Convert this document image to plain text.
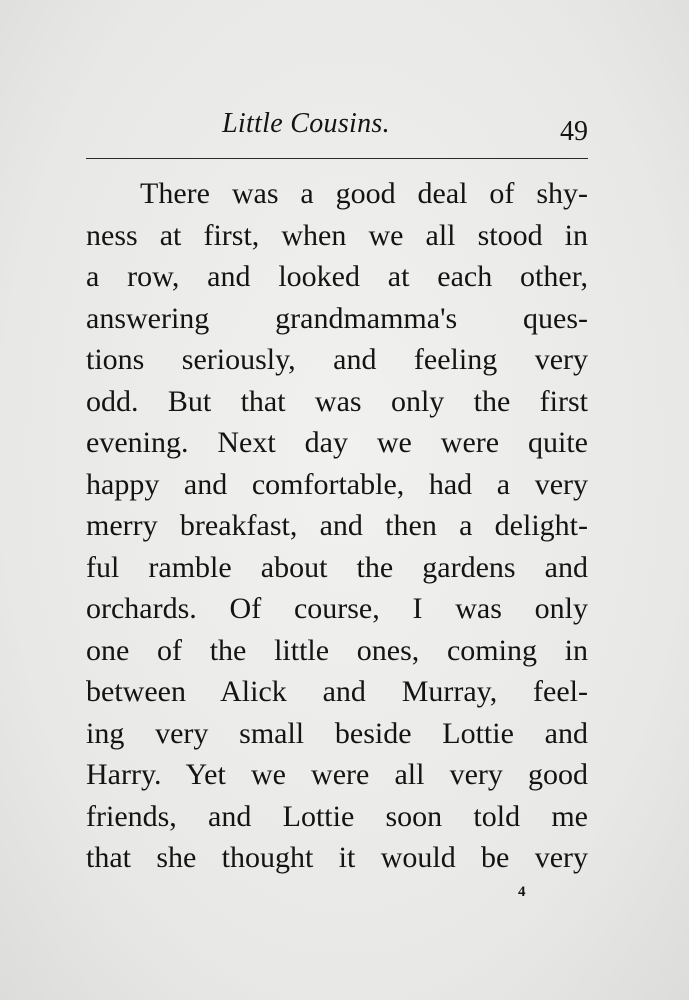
Little Cousins.	49
There was a good deal of shy-
ness at first, when we all stood in
a row, and looked at each other,
answering grandmamma's ques-
tions seriously, and feeling very
odd. But that was only the first
evening. Next day we were quite
happy and comfortable, had a very
merry breakfast, and then a delight-
ful ramble about the gardens and
orchards. Of course, I was only
one of the little ones, coming in
between Alick and Murray, feel-
ing very small beside Lottie and
Harry. Yet we were all very good
friends, and Lottie soon told me
that she thought it would be very
4
